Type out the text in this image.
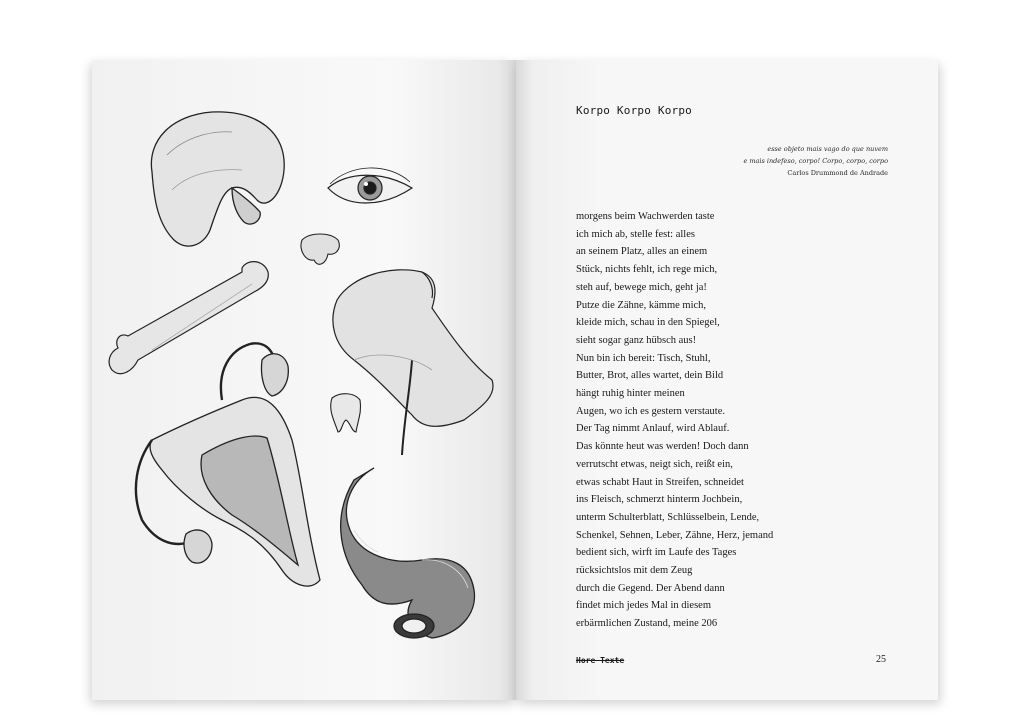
Korpo Korpo Korpo
esse objeto mais vago do que nuvem
e mais indefeso, corpo! Corpo, corpo, corpo
Carlos Drummond de Andrade
morgens beim Wachwerden taste
ich mich ab, stelle fest: alles
an seinem Platz, alles an einem
Stück, nichts fehlt, ich rege mich,
steh auf, bewege mich, geht ja!
Putze die Zähne, kämme mich,
kleide mich, schau in den Spiegel,
sieht sogar ganz hübsch aus!
Nun bin ich bereit: Tisch, Stuhl,
Butter, Brot, alles wartet, dein Bild
hängt ruhig hinter meinen
Augen, wo ich es gestern verstaute.
Der Tag nimmt Anlauf, wird Ablauf.
Das könnte heut was werden! Doch dann
verrutscht etwas, neigt sich, reißt ein,
etwas schabt Haut in Streifen, schneidet
ins Fleisch, schmerzt hinterm Jochbein,
unterm Schulterblatt, Schlüsselbein, Lende,
Schenkel, Sehnen, Leber, Zähne, Herz, jemand
bedient sich, wirft im Laufe des Tages
rücksichtslos mit dem Zeug
durch die Gegend. Der Abend dann
findet mich jedes Mal in diesem
erbärmlichen Zustand, meine 206
Hore Texte	25
